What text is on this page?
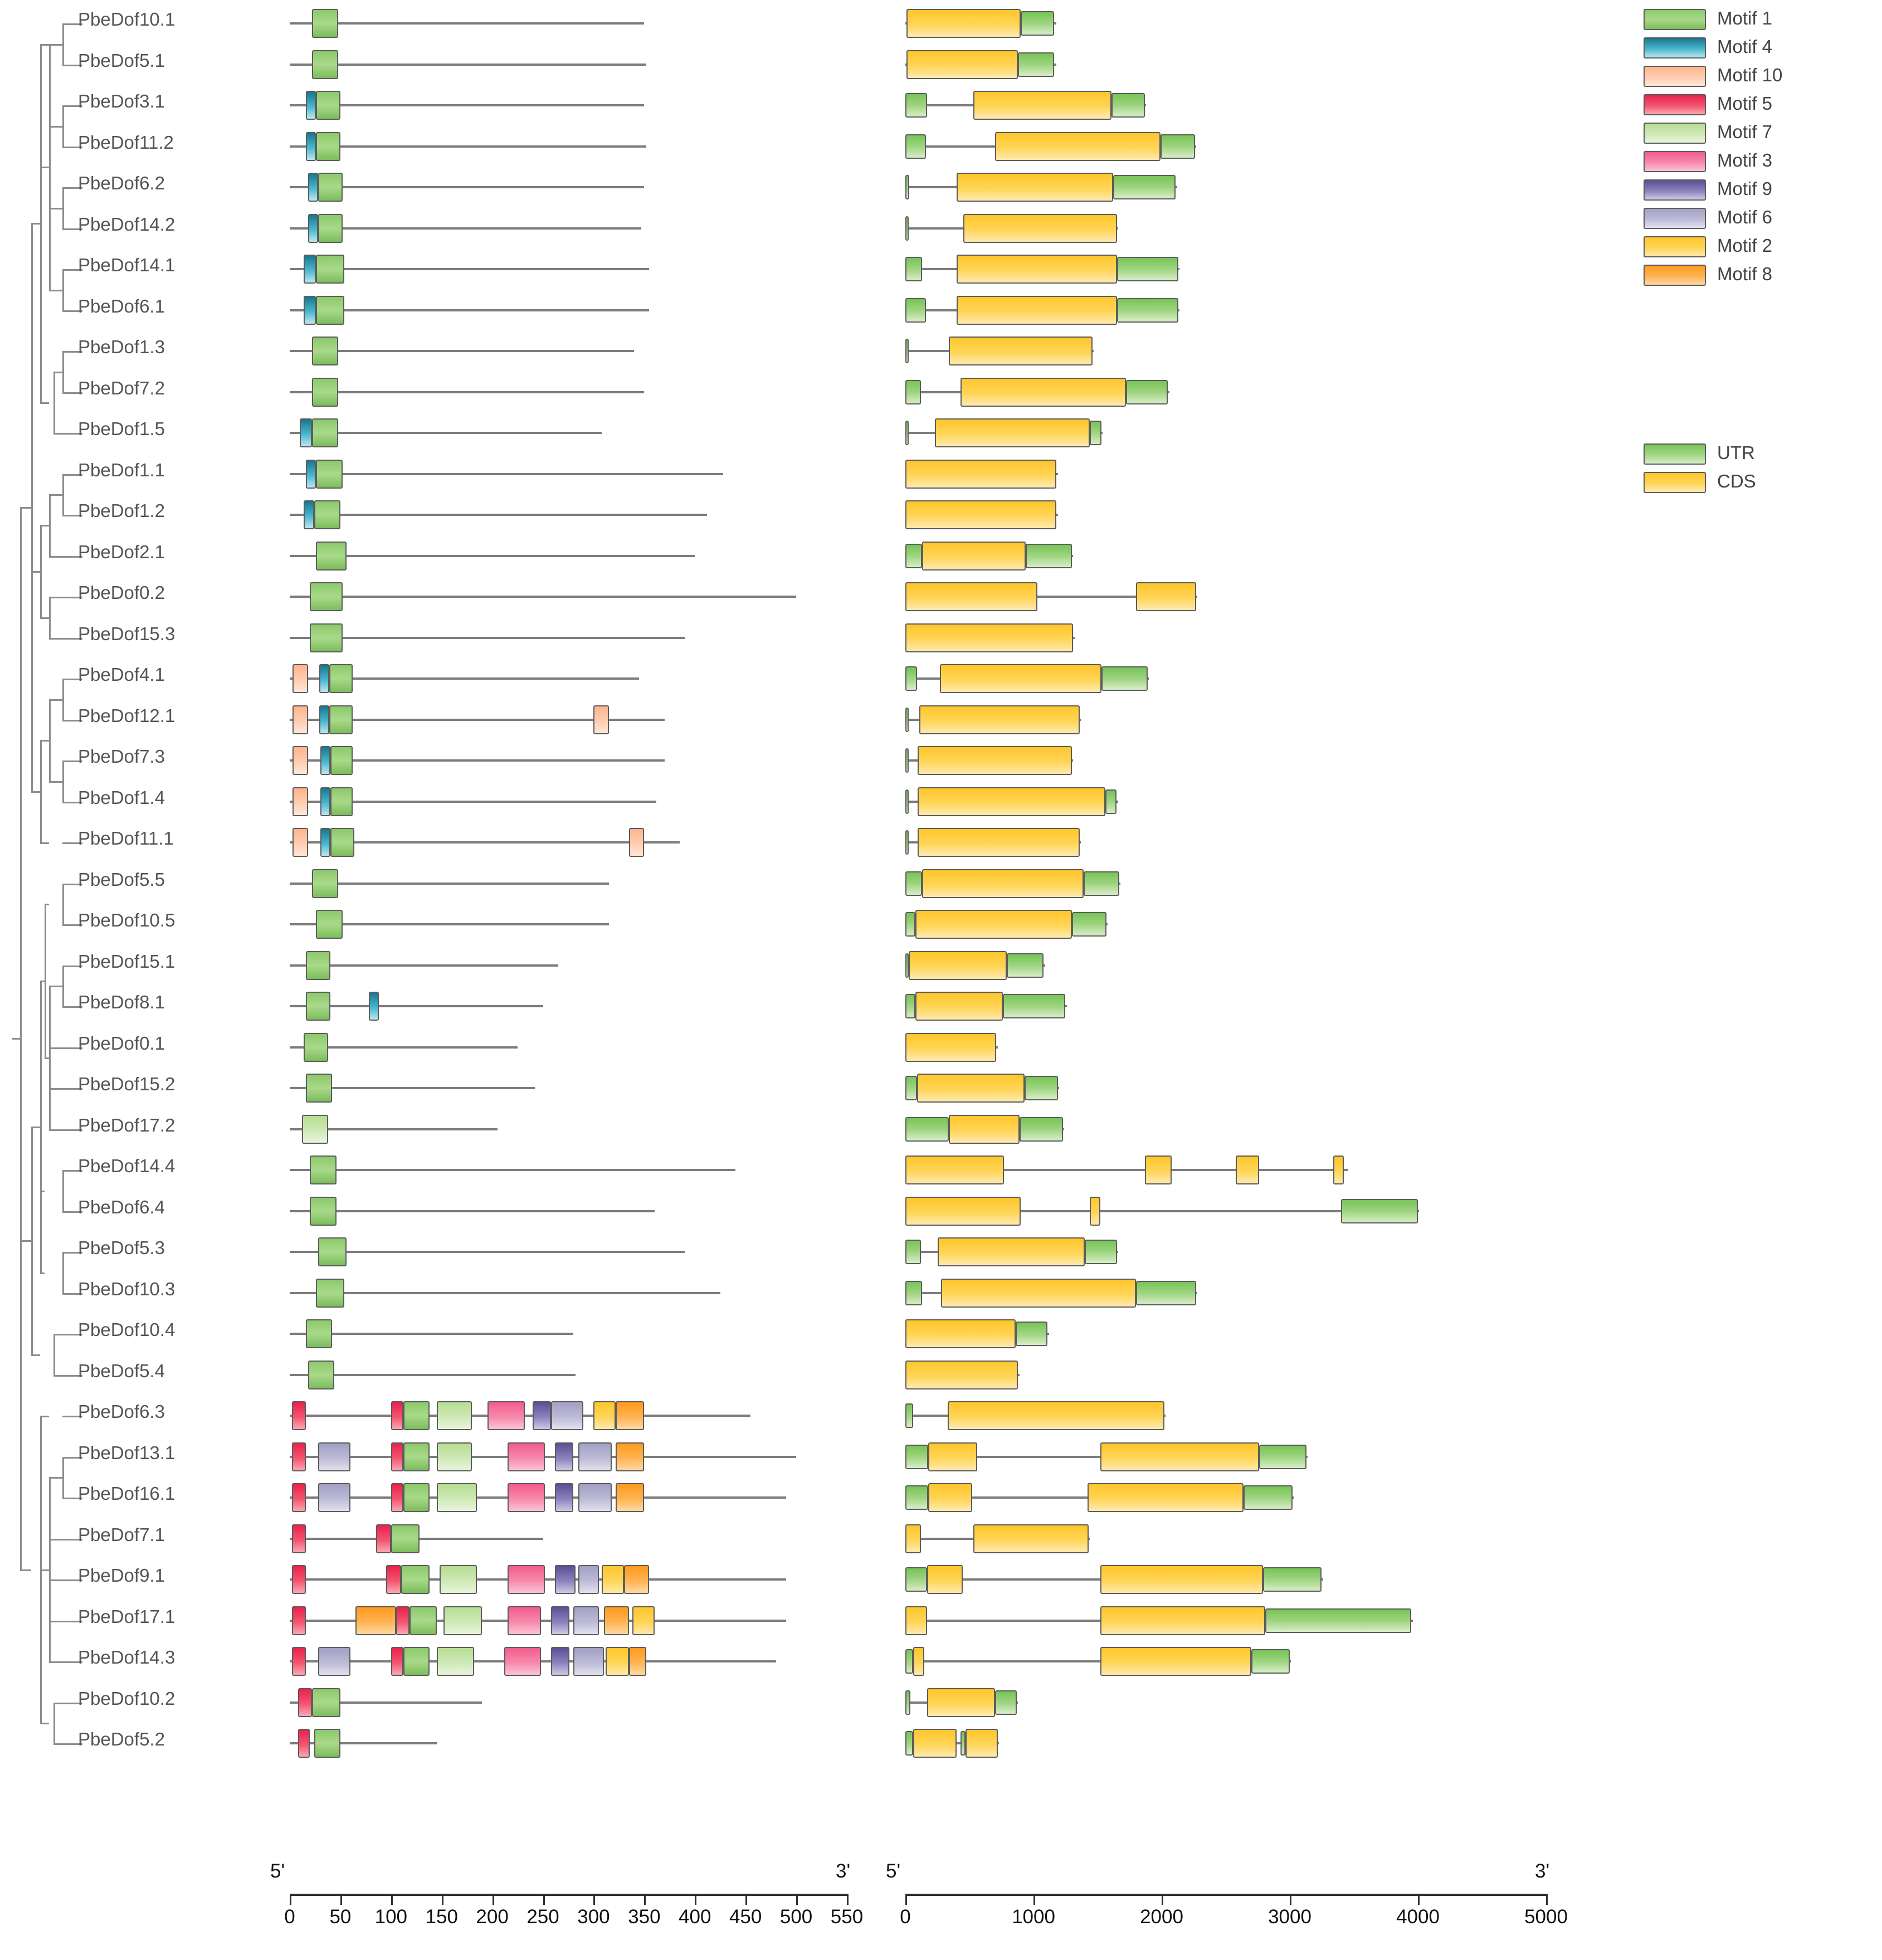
PbeDof10.1
PbeDof5.1
PbeDof3.1
PbeDof11.2
PbeDof6.2
PbeDof14.2
PbeDof14.1
PbeDof6.1
PbeDof1.3
PbeDof7.2
PbeDof1.5
PbeDof1.1
PbeDof1.2
PbeDof2.1
PbeDof0.2
PbeDof15.3
PbeDof4.1
PbeDof12.1
PbeDof7.3
PbeDof1.4
PbeDof11.1
PbeDof5.5
PbeDof10.5
PbeDof15.1
PbeDof8.1
PbeDof0.1
PbeDof15.2
PbeDof17.2
PbeDof14.4
PbeDof6.4
PbeDof5.3
PbeDof10.3
PbeDof10.4
PbeDof5.4
PbeDof6.3
PbeDof13.1
PbeDof16.1
PbeDof7.1
PbeDof9.1
PbeDof17.1
PbeDof14.3
PbeDof10.2
PbeDof5.2
5'	3'
0 50 100 150 200 250 300 350 400 450 500 550
5'	3'
0	1000	2000	3000	4000	5000
Motif 1
Motif 4
Motif 10
Motif 5
Motif 7
Motif 3
Motif 9
Motif 6
Motif 2
Motif 8
UTR
CDS
